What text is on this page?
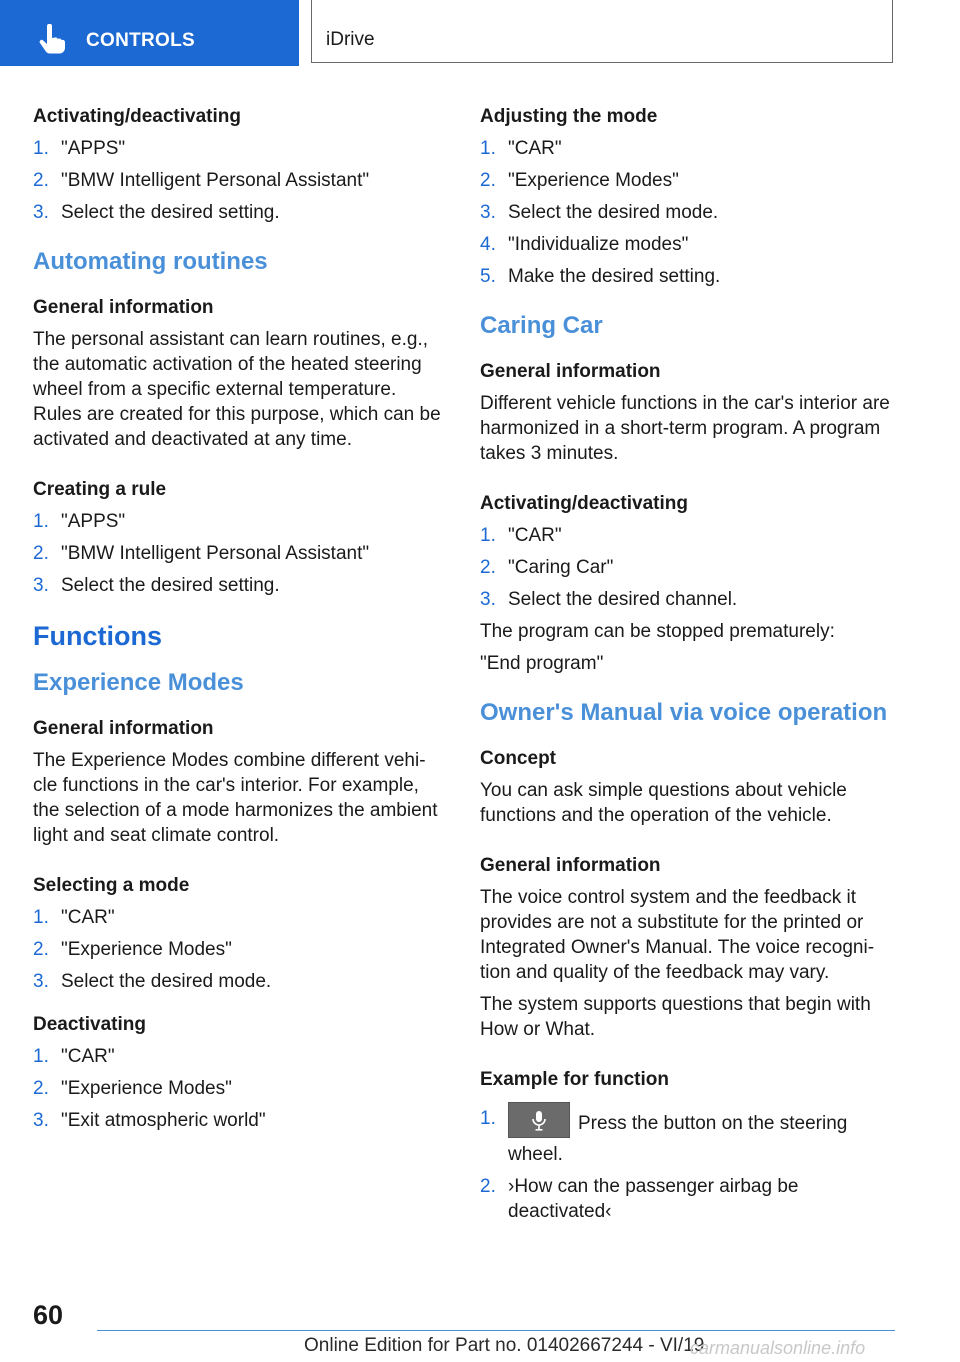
CONTROLS	iDrive
Activating/deactivating
1. "APPS"
2. "BMW Intelligent Personal Assistant"
3. Select the desired setting.
Automating routines
General information
The personal assistant can learn routines, e.g., the automatic activation of the heated steering wheel from a specific external temperature. Rules are created for this purpose, which can be activated and deactivated at any time.
Creating a rule
1. "APPS"
2. "BMW Intelligent Personal Assistant"
3. Select the desired setting.
Functions
Experience Modes
General information
The Experience Modes combine different vehi-cle functions in the car's interior. For example, the selection of a mode harmonizes the ambient light and seat climate control.
Selecting a mode
1. "CAR"
2. "Experience Modes"
3. Select the desired mode.
Deactivating
1. "CAR"
2. "Experience Modes"
3. "Exit atmospheric world"
Adjusting the mode
1. "CAR"
2. "Experience Modes"
3. Select the desired mode.
4. "Individualize modes"
5. Make the desired setting.
Caring Car
General information
Different vehicle functions in the car's interior are harmonized in a short-term program. A program takes 3 minutes.
Activating/deactivating
1. "CAR"
2. "Caring Car"
3. Select the desired channel.
The program can be stopped prematurely:
"End program"
Owner's Manual via voice operation
Concept
You can ask simple questions about vehicle functions and the operation of the vehicle.
General information
The voice control system and the feedback it provides are not a substitute for the printed or Integrated Owner's Manual. The voice recogni-tion and quality of the feedback may vary.
The system supports questions that begin with How or What.
Example for function
1.	Press the button on the steering wheel.
2. ›How can the passenger airbag be deactivated‹
60
Online Edition for Part no. 01402667244 - VI/19
carmanualsonline.info
